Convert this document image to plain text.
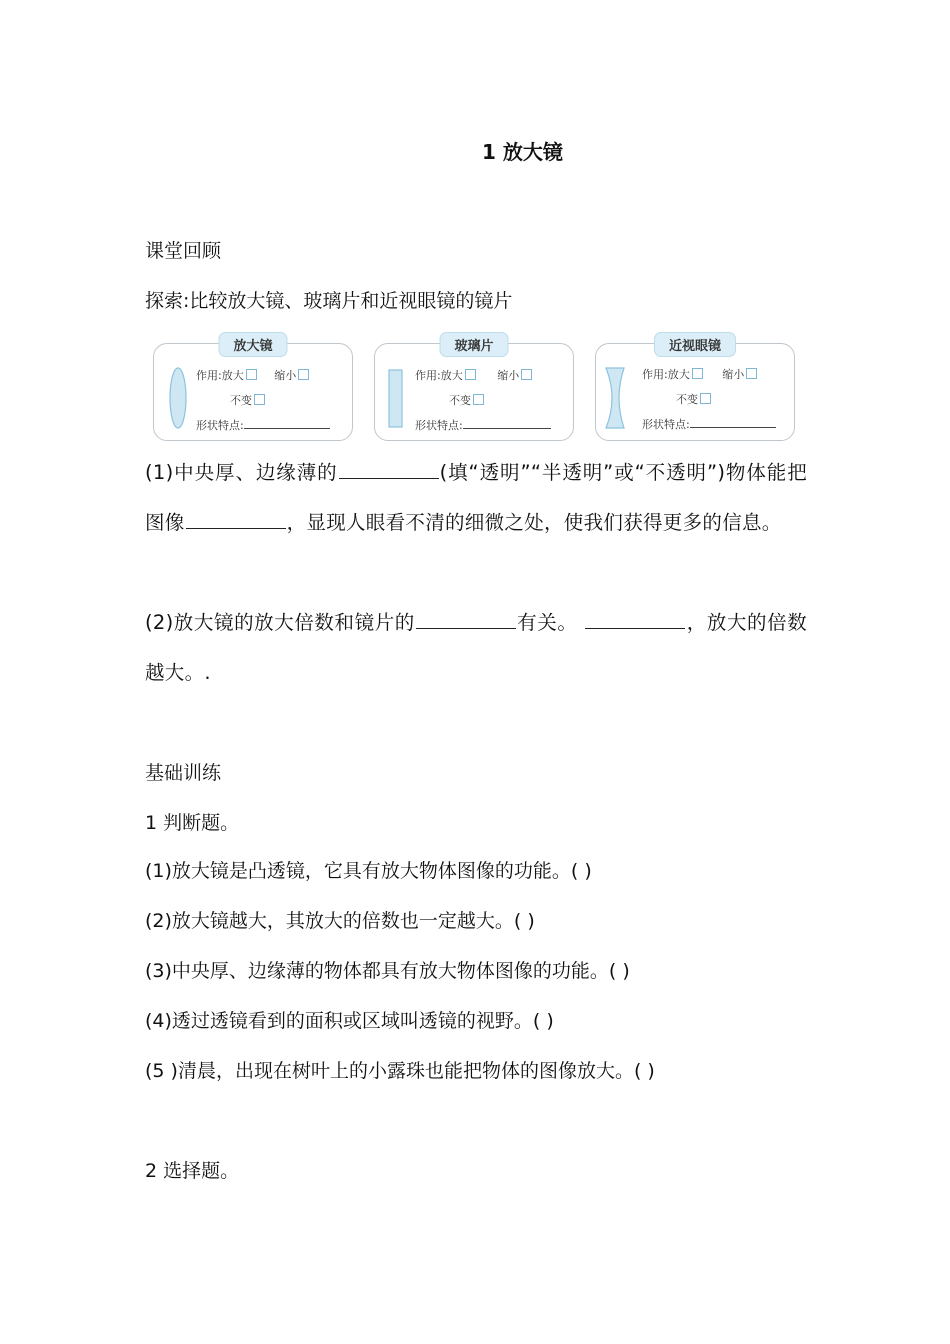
1 放大镜
课堂回顾
探索:比较放大镜、玻璃片和近视眼镜的镜片
放大镜
作用:放大	缩小
不变
形状特点:
玻璃片
作用:放大	缩小
不变
形状特点:
近视眼镜
作用:放大	缩小
不变
形状特点:
(1)中央厚、边缘薄的	(填“透明”“半透明”或“不透明”)物体能把图像	，显现人眼看不清的细微之处，使我们获得更多的信息。
(2)放大镜的放大倍数和镜片的	有关。	，放大的倍数越大。.
基础训练
1 判断题。
(1)放大镜是凸透镜，它具有放大物体图像的功能。( )
(2)放大镜越大，其放大的倍数也一定越大。( )
(3)中央厚、边缘薄的物体都具有放大物体图像的功能。( )
(4)透过透镜看到的面积或区域叫透镜的视野。( )
(5 )清晨，出现在树叶上的小露珠也能把物体的图像放大。( )
2 选择题。
